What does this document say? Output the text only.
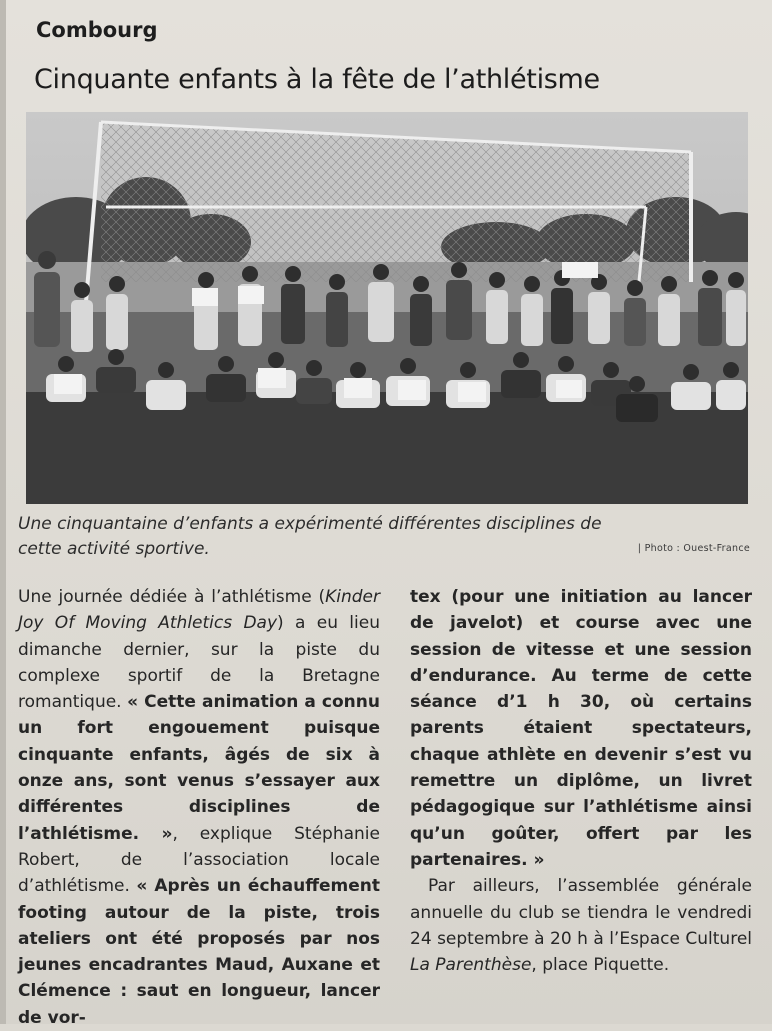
Combourg
Cinquante enfants à la fête de l’athlétisme
Une cinquantaine d’enfants a expérimenté différentes disciplines de cette activité sportive.	| Photo : Ouest-France

Une journée dédiée à l’athlétisme (Kinder Joy Of Moving Athletics Day) a eu lieu dimanche dernier, sur la piste du complexe sportif de la Bretagne romantique. « Cette animation a connu un fort engouement puisque cinquante enfants, âgés de six à onze ans, sont venus s’essayer aux différentes disciplines de l’athlétisme. », explique Stéphanie Robert, de l’association locale d’athlétisme. « Après un échauffement footing autour de la piste, trois ateliers ont été proposés par nos jeunes encadrantes Maud, Auxane et Clémence : saut en longueur, lancer de vor-

tex (pour une initiation au lancer de javelot) et course avec une session de vitesse et une session d’endurance. Au terme de cette séance d’1 h 30, où certains parents étaient spectateurs, chaque athlète en devenir s’est vu remettre un diplôme, un livret pédagogique sur l’athlétisme ainsi qu’un goûter, offert par les partenaires. »

Par ailleurs, l’assemblée générale annuelle du club se tiendra le vendredi 24 septembre à 20 h à l’Espace Culturel La Parenthèse, place Piquette.
